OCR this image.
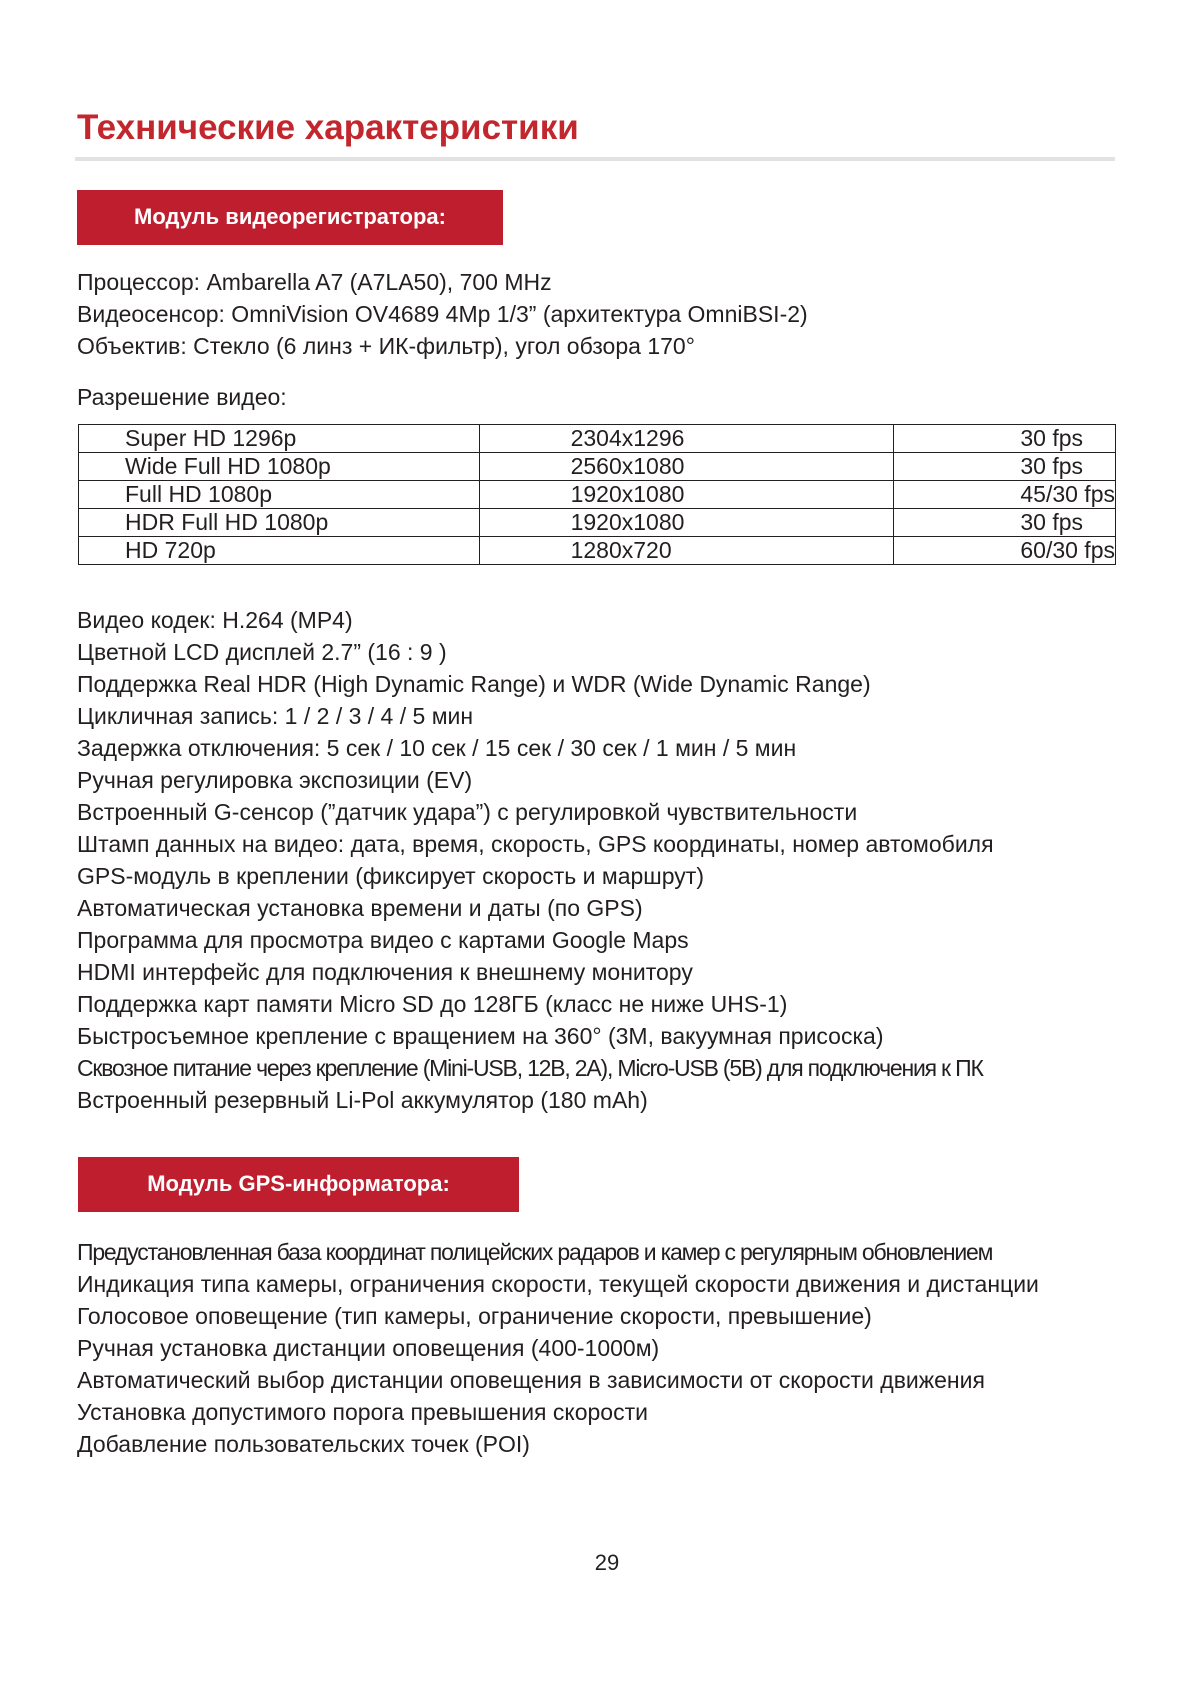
Технические характеристики
Модуль видеорегистратора:
Процессор: Ambarella A7 (A7LA50), 700 MHz
Видеосенсор: OmniVision OV4689 4Mp 1/3” (архитектура OmniBSI-2)
Объектив: Стекло (6 линз + ИК-фильтр), угол обзора 170°
Разрешение видео:
Super HD 1296p	2304x1296	30 fps
Wide Full HD 1080p	2560x1080	30 fps
Full HD 1080p	1920x1080	45/30 fps
HDR Full HD 1080p	1920x1080	30 fps
HD 720p	1280x720	60/30 fps
Видео кодек: H.264 (MP4)
Цветной LCD дисплей 2.7” (16 : 9 )
Поддержка Real HDR (High Dynamic Range) и WDR (Wide Dynamic Range)
Цикличная запись: 1 / 2 / 3 / 4 / 5 мин
Задержка отключения: 5 сек / 10 сек / 15 сек / 30 сек / 1 мин / 5 мин
Ручная регулировка экспозиции (EV)
Встроенный G-сенсор (”датчик удара”) с регулировкой чувствительности
Штамп данных на видео: дата, время, скорость, GPS координаты, номер автомобиля
GPS-модуль в креплении (фиксирует скорость и маршрут)
Автоматическая установка времени и даты (по GPS)
Программа для просмотра видео с картами Google Maps
HDMI интерфейс для подключения к внешнему монитору
Поддержка карт памяти Micro SD до 128ГБ (класс не ниже UHS-1)
Быстросъемное крепление с вращением на 360° (3M, вакуумная присоска)
Сквозное питание через крепление (Mini-USB, 12В, 2А), Micro-USB (5В) для подключения к ПК
Встроенный резервный Li-Pol аккумулятор (180 mAh)
Модуль GPS-информатора:
Предустановленная база координат полицейских радаров и камер с регулярным обновлением
Индикация типа камеры, ограничения скорости, текущей скорости движения и дистанции
Голосовое оповещение (тип камеры, ограничение скорости, превышение)
Ручная установка дистанции оповещения (400-1000м)
Автоматический выбор дистанции оповещения в зависимости от скорости движения
Установка допустимого порога превышения скорости
Добавление пользовательских точек (POI)
29
